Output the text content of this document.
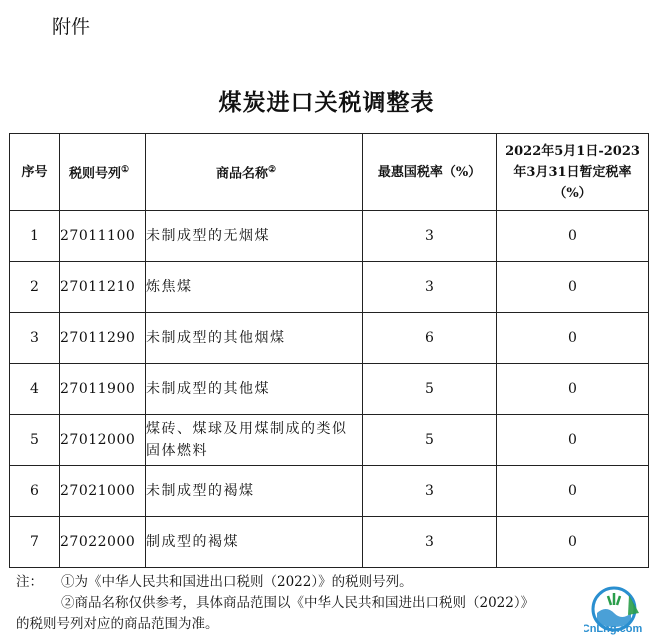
附件
煤炭进口关税调整表
序号	税则号列①	商品名称②	最惠国税率（%）	2022年5月1日-2023
年3月31日暂定税率
（%）

1	27011100	未制成型的无烟煤	3	0
2	27011210	炼焦煤	3	0
3	27011290	未制成型的其他烟煤	6	0
4	27011900	未制成型的其他煤	5	0
5	27012000	煤砖、煤球及用煤制成的类似固体燃料	5	0
6	27021000	未制成型的褐煤	3	0
7	27022000	制成型的褐煤	3	0
注： ①为《中华人民共和国进出口税则（2022）》的税则号列。
②商品名称仅供参考，具体商品范围以《中华人民共和国进出口税则（2022）》
的税则号列对应的商品范围为准。	CnLng.com
